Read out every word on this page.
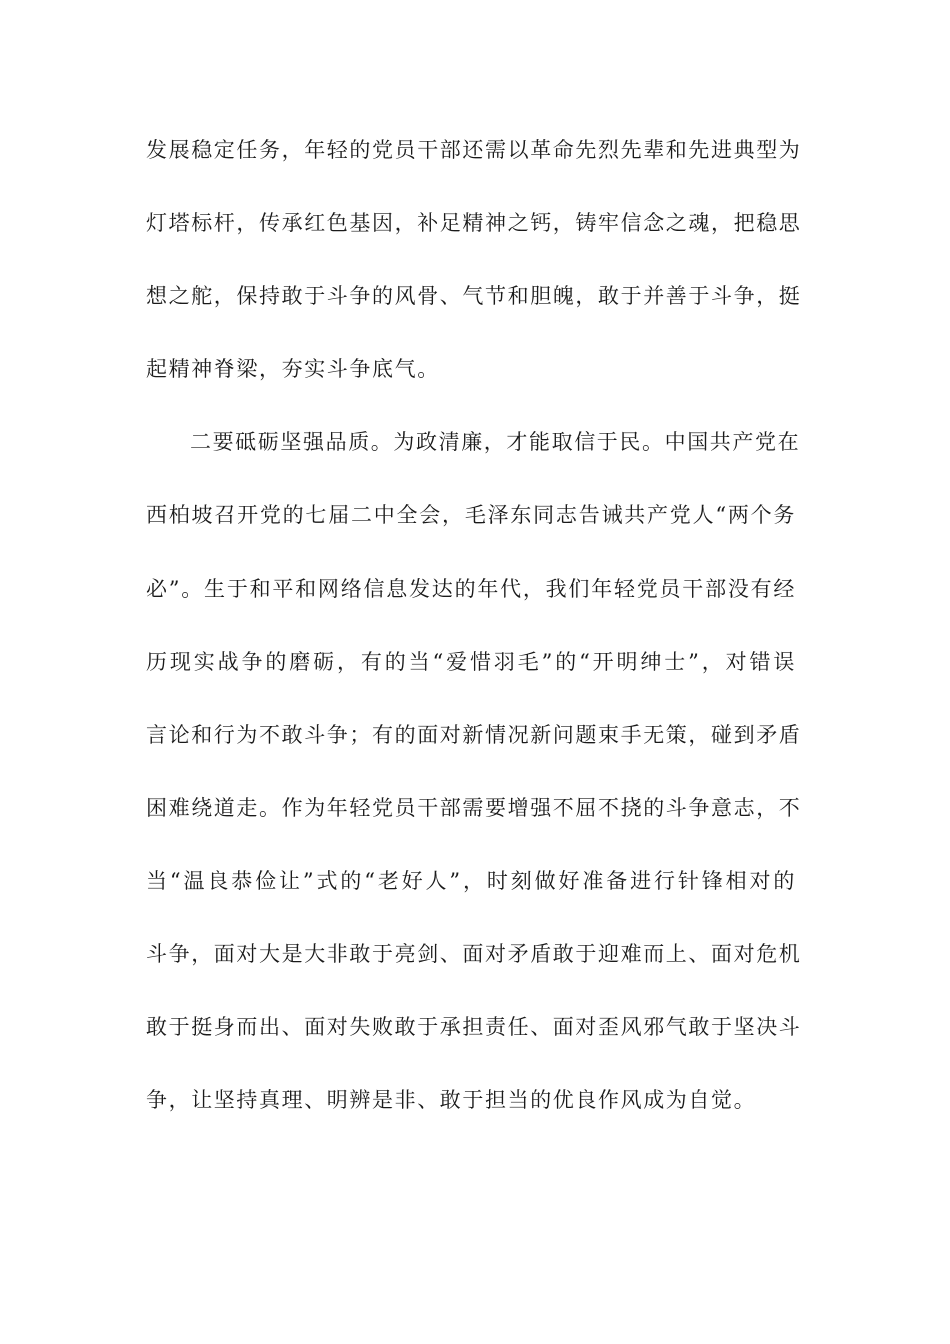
发展稳定任务，年轻的党员干部还需以革命先烈先辈和先进典型为
灯塔标杆，传承红色基因，补足精神之钙，铸牢信念之魂，把稳思
想之舵，保持敢于斗争的风骨、气节和胆魄，敢于并善于斗争，挺
起精神脊梁，夯实斗争底气。
二要砥砺坚强品质。为政清廉，才能取信于民。中国共产党在
西柏坡召开党的七届二中全会，毛泽东同志告诫共产党人“两个务
必”。生于和平和网络信息发达的年代，我们年轻党员干部没有经
历现实战争的磨砺，有的当“爱惜羽毛”的“开明绅士”，对错误
言论和行为不敢斗争；有的面对新情况新问题束手无策，碰到矛盾
困难绕道走。作为年轻党员干部需要增强不屈不挠的斗争意志，不
当“温良恭俭让”式的“老好人”，时刻做好准备进行针锋相对的
斗争，面对大是大非敢于亮剑、面对矛盾敢于迎难而上、面对危机
敢于挺身而出、面对失败敢于承担责任、面对歪风邪气敢于坚决斗
争，让坚持真理、明辨是非、敢于担当的优良作风成为自觉。
